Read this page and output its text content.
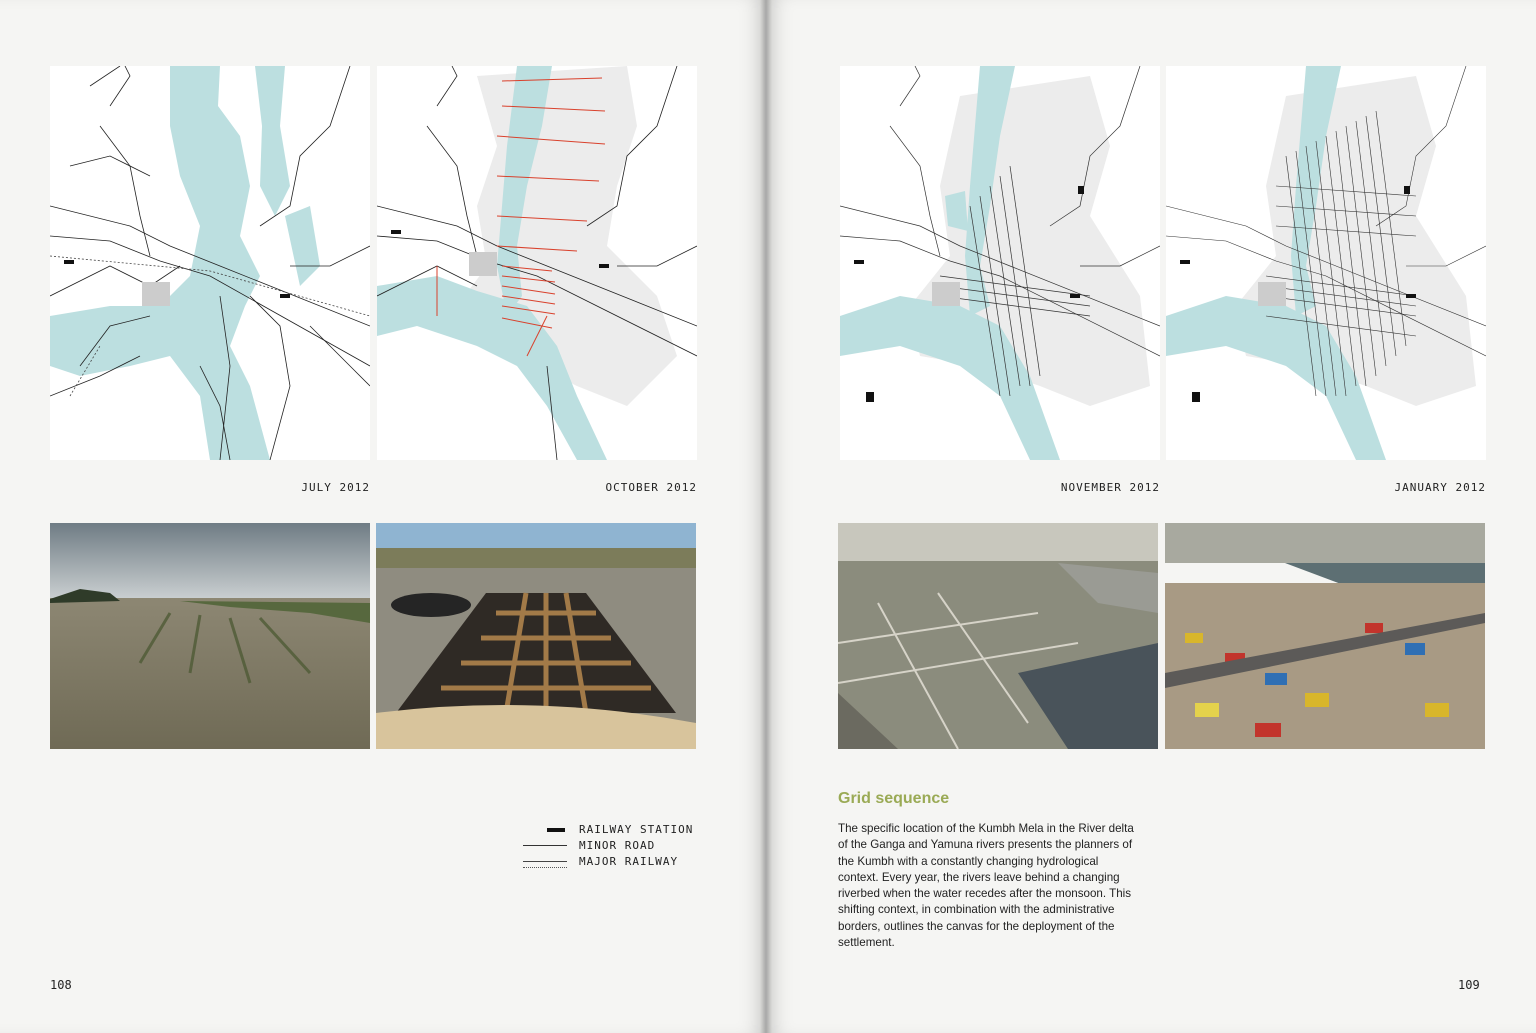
JULY 2012	OCTOBER 2012	NOVEMBER 2012	JANUARY 2012
RAILWAY STATION
MINOR ROAD
MAJOR RAILWAY
Grid sequence
The specific location of the Kumbh Mela in the River delta of the Ganga and Yamuna rivers presents the planners of the Kumbh with a constantly changing hydrological context. Every year, the rivers leave behind a changing riverbed when the water recedes after the monsoon. This shifting context, in combination with the administrative borders, outlines the canvas for the deployment of the settlement.
108	109
